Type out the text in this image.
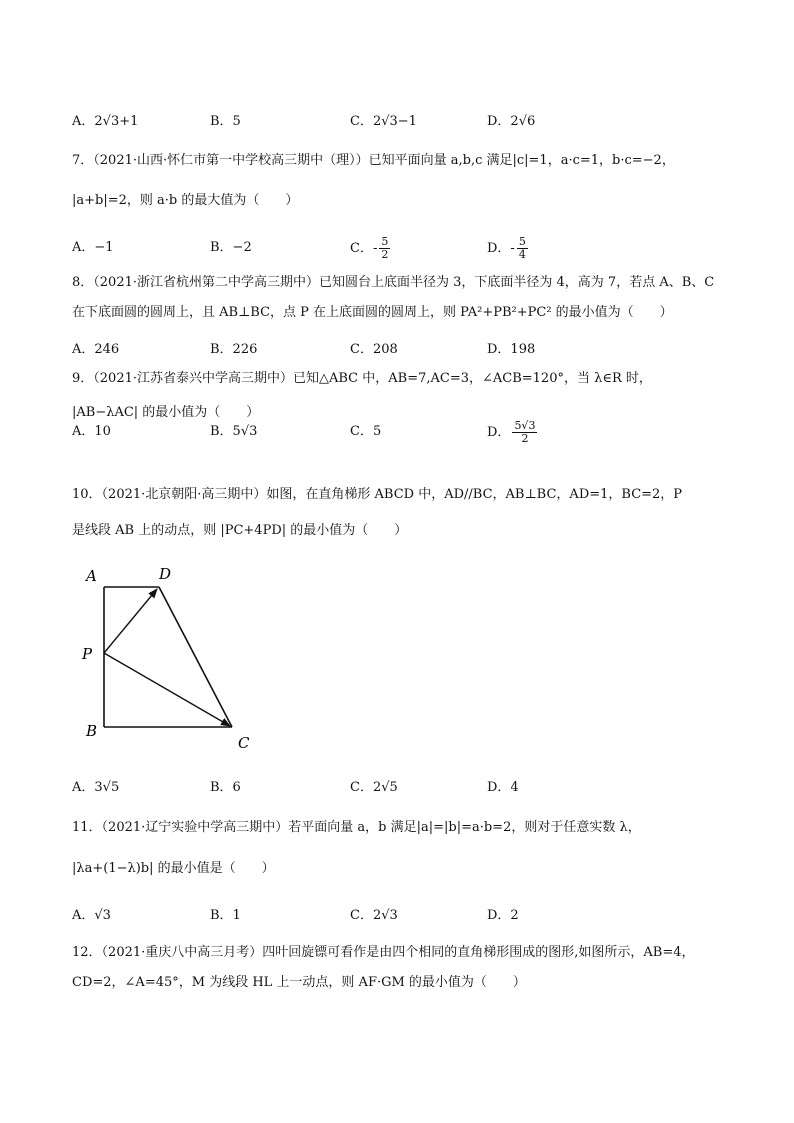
A．2√3+1	B．5	C．2√3−1	D．2√6
7．（2021·山西·怀仁市第一中学校高三期中（理））已知平面向量 a,b,c 满足|c|=1，a·c=1，b·c=−2，
|a+b|=2，则 a·b 的最大值为（　　）
A．−1	B．−2	C．- $\frac{5}{2}$	D．- $\frac{5}{4}$
8．（2021·浙江省杭州第二中学高三期中）已知圆台上底面半径为 3，下底面半径为 4，高为 7，若点 A、B、C
在下底面圆的圆周上，且 AB⊥BC，点 P 在上底面圆的圆周上，则 PA²+PB²+PC² 的最小值为（　　）
A．246	B．226	C．208	D．198
9．（2021·江苏省泰兴中学高三期中）已知△ABC 中，AB=7,AC=3，∠ACB=120°，当 λ∈R 时，
|AB−λAC| 的最小值为（　　）
A．10	B．5√3	C．5	D． $\frac{5√3}{2}$
10．（2021·北京朝阳·高三期中）如图，在直角梯形 ABCD 中，AD//BC，AB⊥BC，AD=1，BC=2，P
是线段 AB 上的动点，则 |PC+4PD| 的最小值为（　　）
A	D
P
B
C
A．3√5	B．6	C．2√5	D．4
11．（2021·辽宁实验中学高三期中）若平面向量 a，b 满足|a|=|b|=a·b=2，则对于任意实数 λ，
|λa+(1−λ)b| 的最小值是（　　）
A．√3	B．1	C．2√3	D．2
12．（2021·重庆八中高三月考）四叶回旋镖可看作是由四个相同的直角梯形围成的图形,如图所示，AB=4，
CD=2，∠A=45°，M 为线段 HL 上一动点，则 AF·GM 的最小值为（　　）
